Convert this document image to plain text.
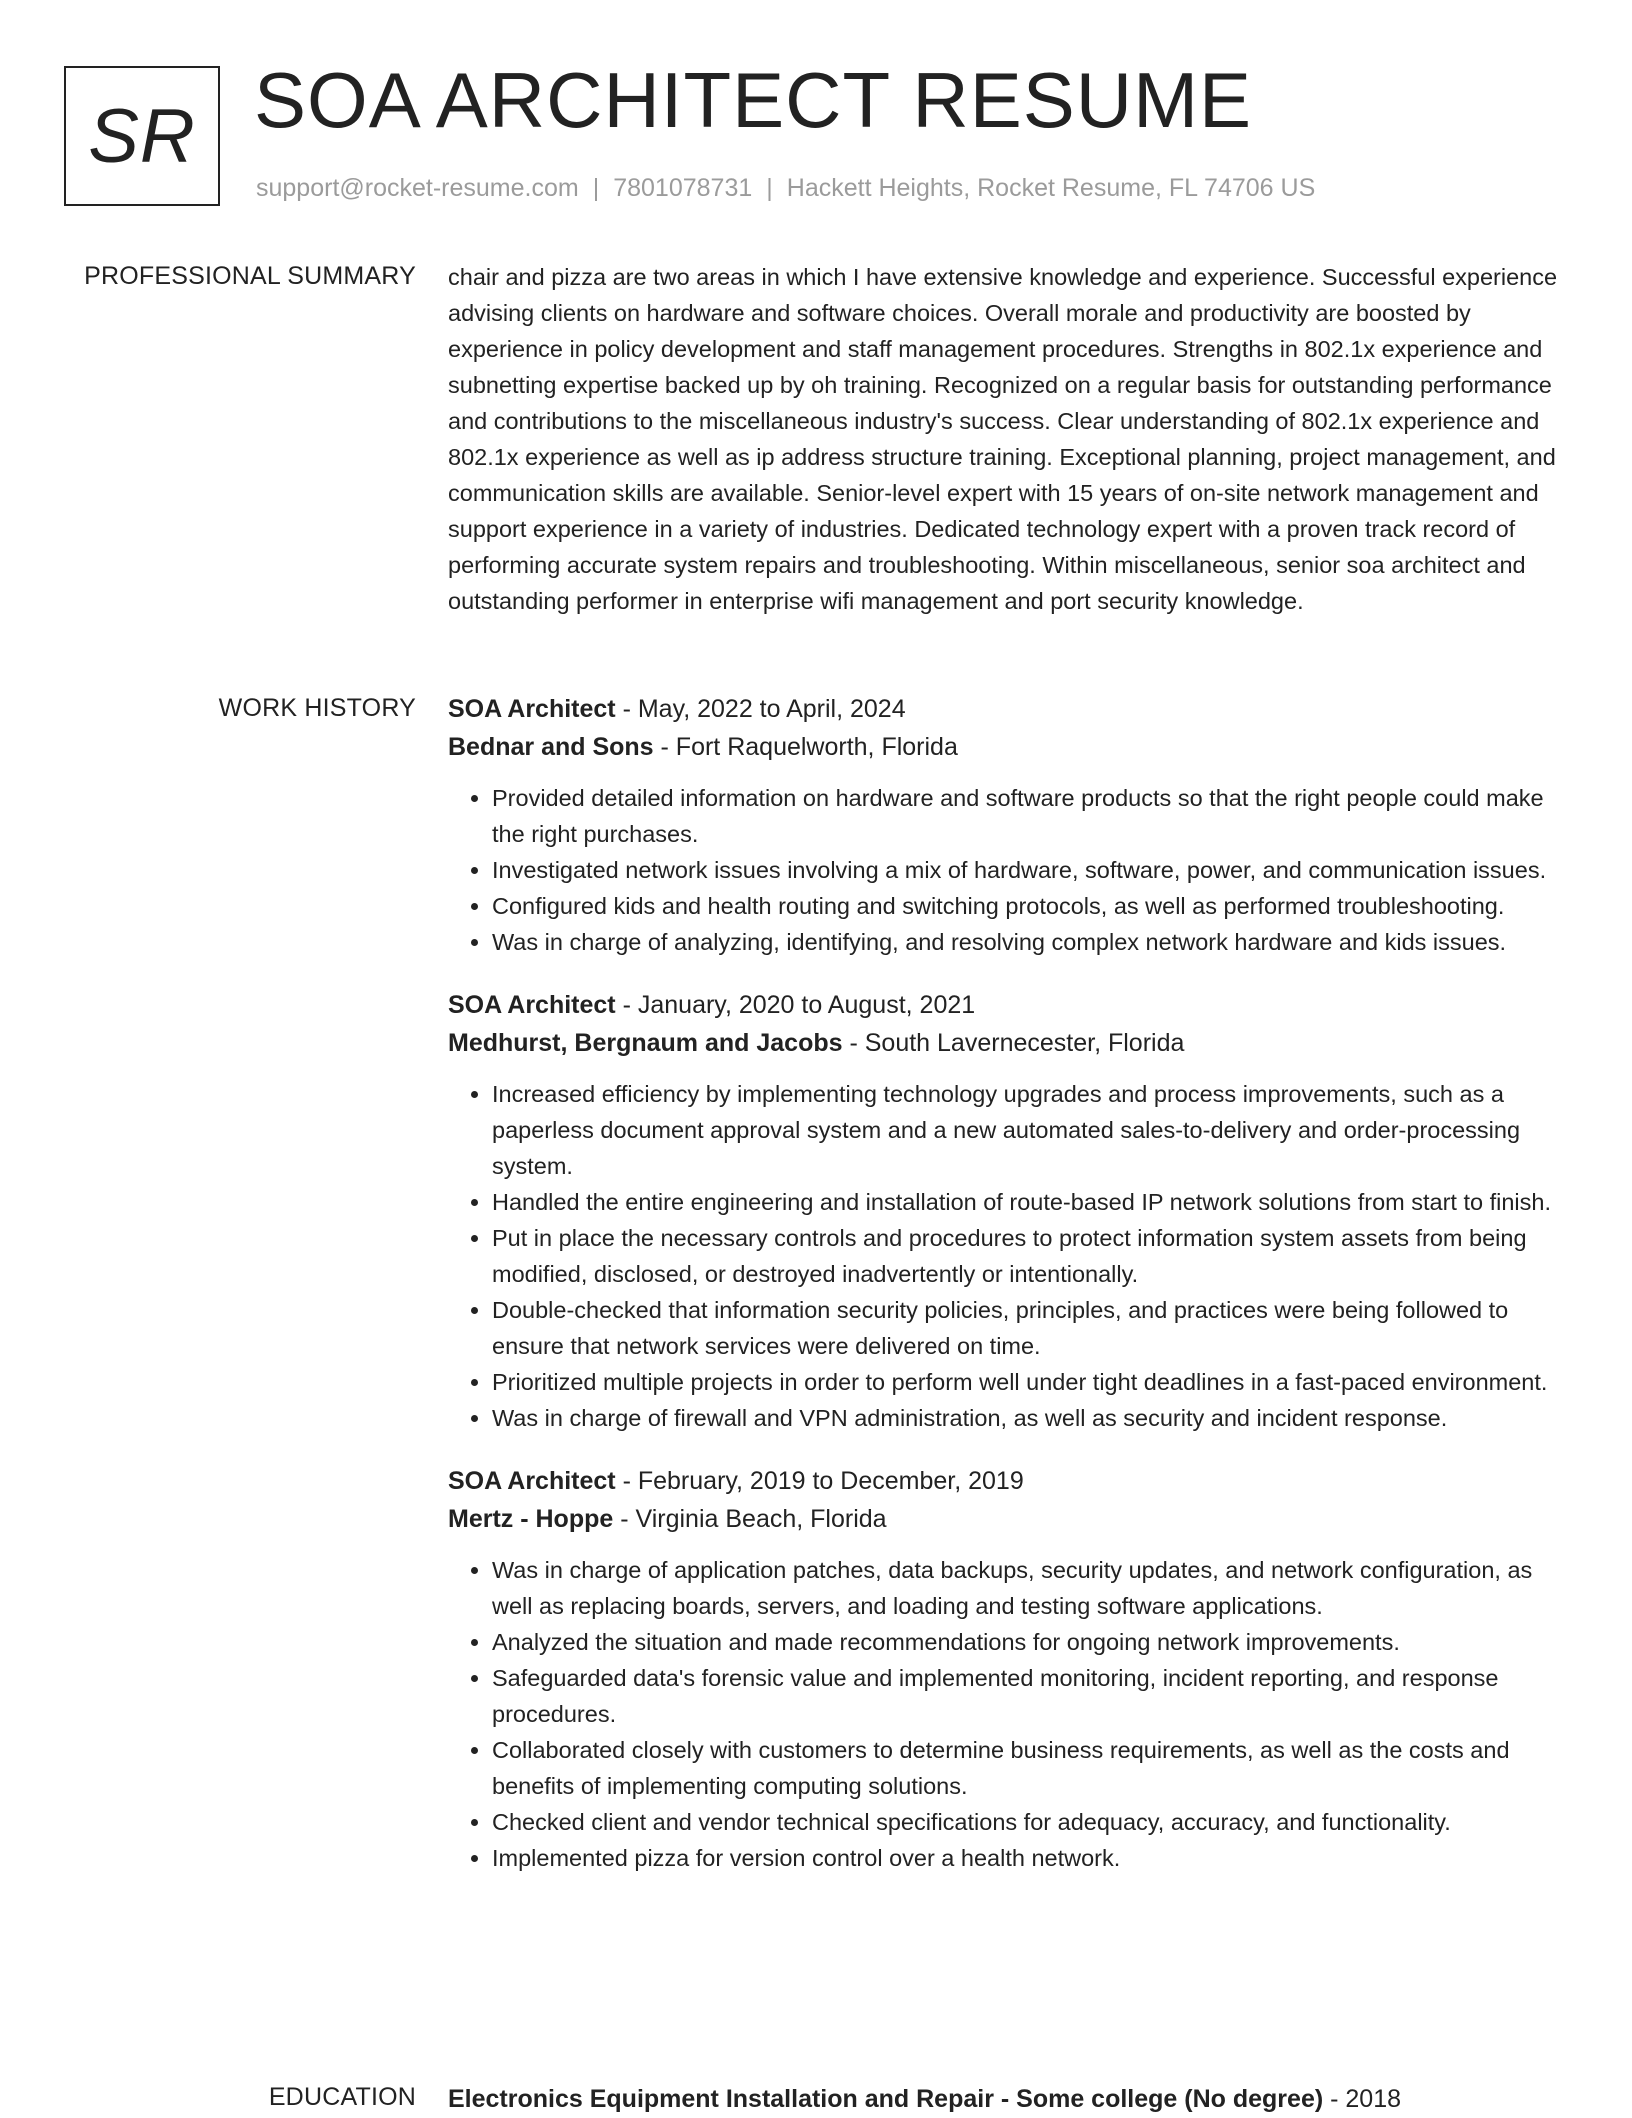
SR SOA ARCHITECT RESUME
support@rocket-resume.com | 7801078731 | Hackett Heights, Rocket Resume, FL 74706 US
PROFESSIONAL SUMMARY chair and pizza are two areas in which I have extensive knowledge and experience. Successful experience advising clients on hardware and software choices. Overall morale and productivity are boosted by experience in policy development and staff management procedures. Strengths in 802.1x experience and subnetting expertise backed up by oh training. Recognized on a regular basis for outstanding performance and contributions to the miscellaneous industry's success. Clear understanding of 802.1x experience and 802.1x experience as well as ip address structure training. Exceptional planning, project management, and communication skills are available. Senior-level expert with 15 years of on-site network management and support experience in a variety of industries. Dedicated technology expert with a proven track record of performing accurate system repairs and troubleshooting. Within miscellaneous, senior soa architect and outstanding performer in enterprise wifi management and port security knowledge.

WORK HISTORY SOA Architect - May, 2022 to April, 2024
Bednar and Sons - Fort Raquelworth, Florida
• Provided detailed information on hardware and software products so that the right people could make the right purchases.
• Investigated network issues involving a mix of hardware, software, power, and communication issues.
• Configured kids and health routing and switching protocols, as well as performed troubleshooting.
• Was in charge of analyzing, identifying, and resolving complex network hardware and kids issues.
SOA Architect - January, 2020 to August, 2021
Medhurst, Bergnaum and Jacobs - South Lavernecester, Florida
• Increased efficiency by implementing technology upgrades and process improvements, such as a paperless document approval system and a new automated sales-to-delivery and order-processing system.
• Handled the entire engineering and installation of route-based IP network solutions from start to finish.
• Put in place the necessary controls and procedures to protect information system assets from being modified, disclosed, or destroyed inadvertently or intentionally.
• Double-checked that information security policies, principles, and practices were being followed to ensure that network services were delivered on time.
• Prioritized multiple projects in order to perform well under tight deadlines in a fast-paced environment.
• Was in charge of firewall and VPN administration, as well as security and incident response.
SOA Architect - February, 2019 to December, 2019
Mertz - Hoppe - Virginia Beach, Florida
• Was in charge of application patches, data backups, security updates, and network configuration, as well as replacing boards, servers, and loading and testing software applications.
• Analyzed the situation and made recommendations for ongoing network improvements.
• Safeguarded data's forensic value and implemented monitoring, incident reporting, and response procedures.
• Collaborated closely with customers to determine business requirements, as well as the costs and benefits of implementing computing solutions.
• Checked client and vendor technical specifications for adequacy, accuracy, and functionality.
• Implemented pizza for version control over a health network.
EDUCATION Electronics Equipment Installation and Repair - Some college (No degree) - 2018
